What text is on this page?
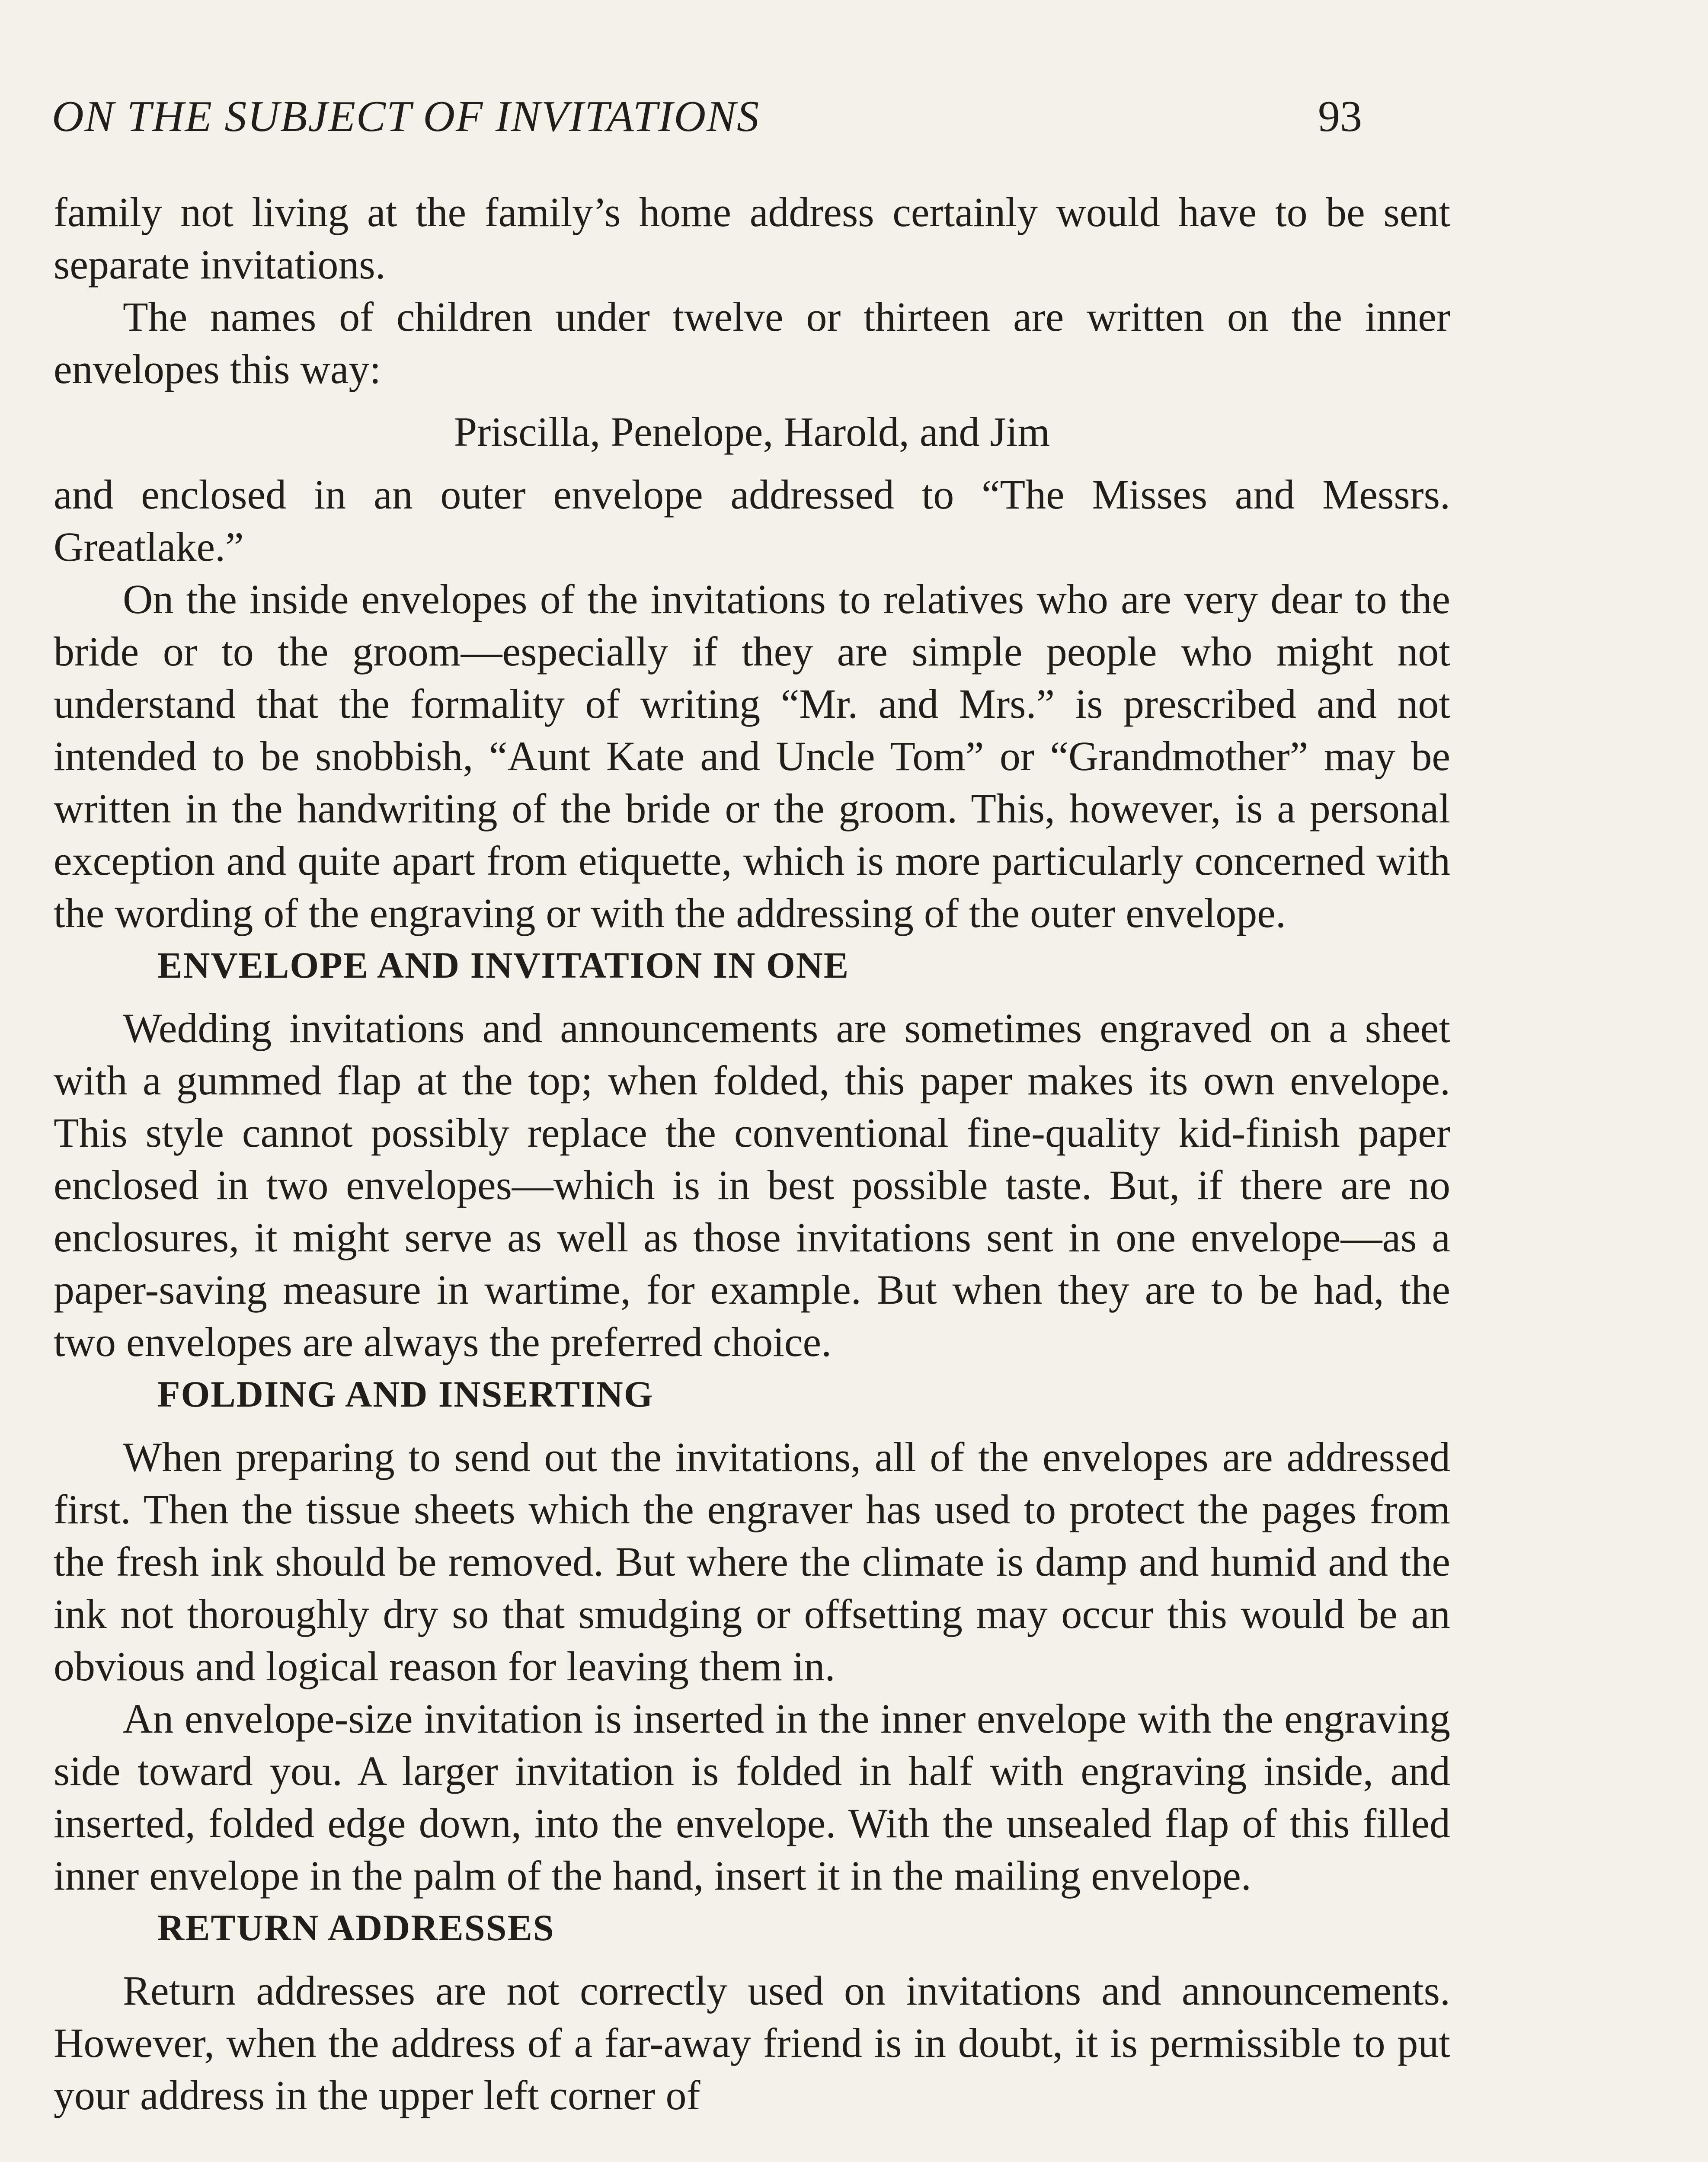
ON THE SUBJECT OF INVITATIONS	93

family not living at the family’s home address certainly would have to be sent separate invitations.

The names of children under twelve or thirteen are written on the inner envelopes this way:

Priscilla, Penelope, Harold, and Jim

and enclosed in an outer envelope addressed to “The Misses and Messrs. Greatlake.”

On the inside envelopes of the invitations to relatives who are very dear to the bride or to the groom—especially if they are simple people who might not understand that the formality of writing “Mr. and Mrs.” is prescribed and not intended to be snobbish, “Aunt Kate and Uncle Tom” or “Grandmother” may be written in the handwriting of the bride or the groom. This, however, is a personal exception and quite apart from etiquette, which is more particularly concerned with the wording of the engraving or with the addressing of the outer envelope.

ENVELOPE AND INVITATION IN ONE

Wedding invitations and announcements are sometimes engraved on a sheet with a gummed flap at the top; when folded, this paper makes its own envelope. This style cannot possibly replace the conventional fine-quality kid-finish paper enclosed in two envelopes—which is in best possible taste. But, if there are no enclosures, it might serve as well as those invitations sent in one envelope—as a paper-saving measure in wartime, for example. But when they are to be had, the two envelopes are always the preferred choice.

FOLDING AND INSERTING

When preparing to send out the invitations, all of the envelopes are addressed first. Then the tissue sheets which the engraver has used to protect the pages from the fresh ink should be removed. But where the climate is damp and humid and the ink not thoroughly dry so that smudging or offsetting may occur this would be an obvious and logical reason for leaving them in.

An envelope-size invitation is inserted in the inner envelope with the engraving side toward you. A larger invitation is folded in half with engraving inside, and inserted, folded edge down, into the envelope. With the unsealed flap of this filled inner envelope in the palm of the hand, insert it in the mailing envelope.

RETURN ADDRESSES

Return addresses are not correctly used on invitations and announcements. However, when the address of a far-away friend is in doubt, it is permissible to put your address in the upper left corner of
